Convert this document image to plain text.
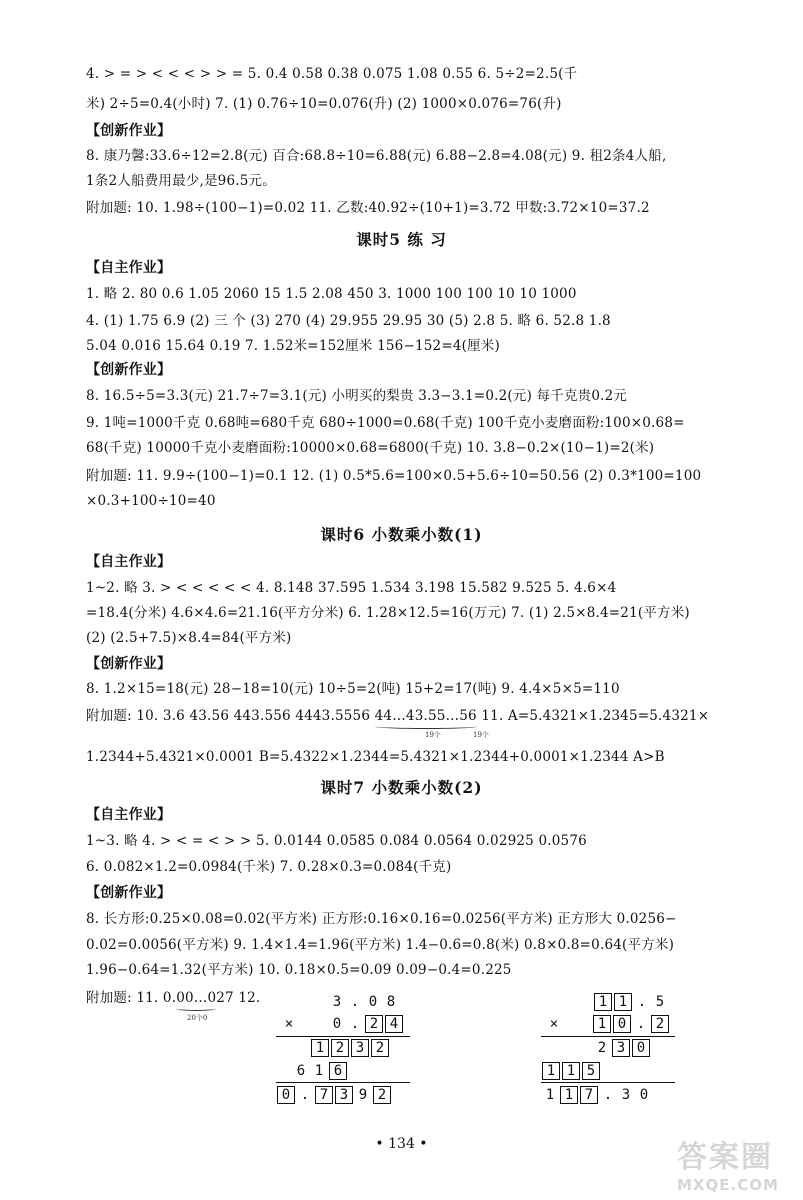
4. > = > < < < > > = 5. 0.4 0.58 0.38 0.075 1.08 0.55 6. 5÷2=2.5(千
米) 2÷5=0.4(小时) 7. (1) 0.76÷10=0.076(升) (2) 1000×0.076=76(升)
【创新作业】
8. 康乃馨:33.6÷12=2.8(元) 百合:68.8÷10=6.88(元) 6.88−2.8=4.08(元) 9. 租2条4人船,
1条2人船费用最少,是96.5元。
附加题: 10. 1.98÷(100−1)=0.02 11. 乙数:40.92÷(10+1)=3.72 甲数:3.72×10=37.2
课时5 练 习
【自主作业】
1. 略 2. 80 0.6 1.05 2060 15 1.5 2.08 450 3. 1000 100 100 10 10 1000
4. (1) 1.75 6.9 (2) 三 个 (3) 270 (4) 29.955 29.95 30 (5) 2.8 5. 略 6. 52.8 1.8
5.04 0.016 15.64 0.19 7. 1.52米=152厘米 156−152=4(厘米)
【创新作业】
8. 16.5÷5=3.3(元) 21.7÷7=3.1(元) 小明买的梨贵 3.3−3.1=0.2(元) 每千克贵0.2元
9. 1吨=1000千克 0.68吨=680千克 680÷1000=0.68(千克) 100千克小麦磨面粉:100×0.68=
68(千克) 10000千克小麦磨面粉:10000×0.68=6800(千克) 10. 3.8−0.2×(10−1)=2(米)
附加题: 11. 9.9÷(100−1)=0.1 12. (1) 0.5*5.6=100×0.5+5.6÷10=50.56 (2) 0.3*100=100
×0.3+100÷10=40
课时6 小数乘小数(1)
【自主作业】
1~2. 略 3. > < < < < < 4. 8.148 37.595 1.534 3.198 15.582 9.525 5. 4.6×4
=18.4(分米) 4.6×4.6=21.16(平方分米) 6. 1.28×12.5=16(万元) 7. (1) 2.5×8.4=21(平方米)
(2) (2.5+7.5)×8.4=84(平方米)
【创新作业】
8. 1.2×15=18(元) 28−18=10(元) 10÷5=2(吨) 15+2=17(吨) 9. 4.4×5×5=110
附加题: 10. 3.6 43.56 443.556 4443.5556 44…43.55…56 11. A=5.4321×1.2345=5.4321×
19个	19个
1.2344+5.4321×0.0001 B=5.4322×1.2344=5.4321×1.2344+0.0001×1.2344 A>B
课时7 小数乘小数(2)
【自主作业】
1~3. 略 4. > < = < > > 5. 0.0144 0.0585 0.084 0.0564 0.02925 0.0576
6. 0.082×1.2=0.0984(千米) 7. 0.28×0.3=0.084(千克)
【创新作业】
8. 长方形:0.25×0.08=0.02(平方米) 正方形:0.16×0.16=0.0256(平方米) 正方形大 0.0256−
0.02=0.0056(平方米) 9. 1.4×1.4=1.96(平方米) 1.4−0.6=0.8(米) 0.8×0.8=0.64(平方米)
1.96−0.64=1.32(平方米) 10. 0.18×0.5=0.09 0.09−0.4=0.225
附加题: 11. 0.00…027 12.
20个0
3 . 0 8
×	0 . 2 4
1 2 3 2
6 1 6
0 . 7 3 9 2
1 1 . 5
×	1 0 . 2
2 3 0
1 1 5
1 1 7 . 3 0
• 134 •	答案圈
MXQE.COM
